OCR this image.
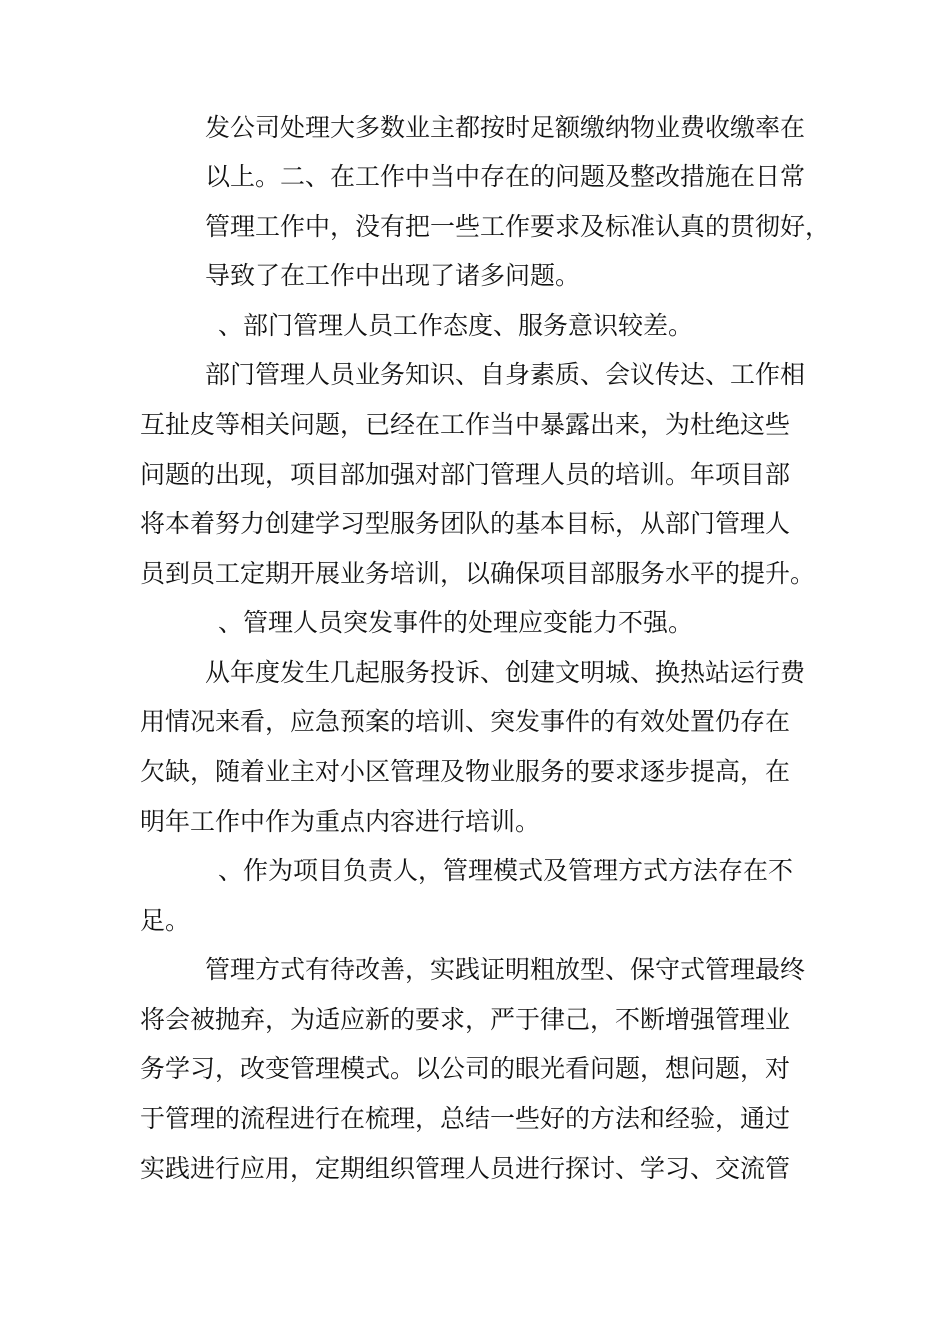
发公司处理大多数业主都按时足额缴纳物业费收缴率在
以上。二、在工作中当中存在的问题及整改措施在日常
管理工作中，没有把一些工作要求及标准认真的贯彻好，
导致了在工作中出现了诸多问题。
、部门管理人员工作态度、服务意识较差。
部门管理人员业务知识、自身素质、会议传达、工作相
互扯皮等相关问题，已经在工作当中暴露出来，为杜绝这些
问题的出现，项目部加强对部门管理人员的培训。年项目部
将本着努力创建学习型服务团队的基本目标，从部门管理人
员到员工定期开展业务培训，以确保项目部服务水平的提升。
、管理人员突发事件的处理应变能力不强。
从年度发生几起服务投诉、创建文明城、换热站运行费
用情况来看，应急预案的培训、突发事件的有效处置仍存在
欠缺，随着业主对小区管理及物业服务的要求逐步提高，在
明年工作中作为重点内容进行培训。
、作为项目负责人，管理模式及管理方式方法存在不
足。
管理方式有待改善，实践证明粗放型、保守式管理最终
将会被抛弃，为适应新的要求，严于律己，不断增强管理业
务学习，改变管理模式。以公司的眼光看问题，想问题，对
于管理的流程进行在梳理，总结一些好的方法和经验，通过
实践进行应用，定期组织管理人员进行探讨、学习、交流管
